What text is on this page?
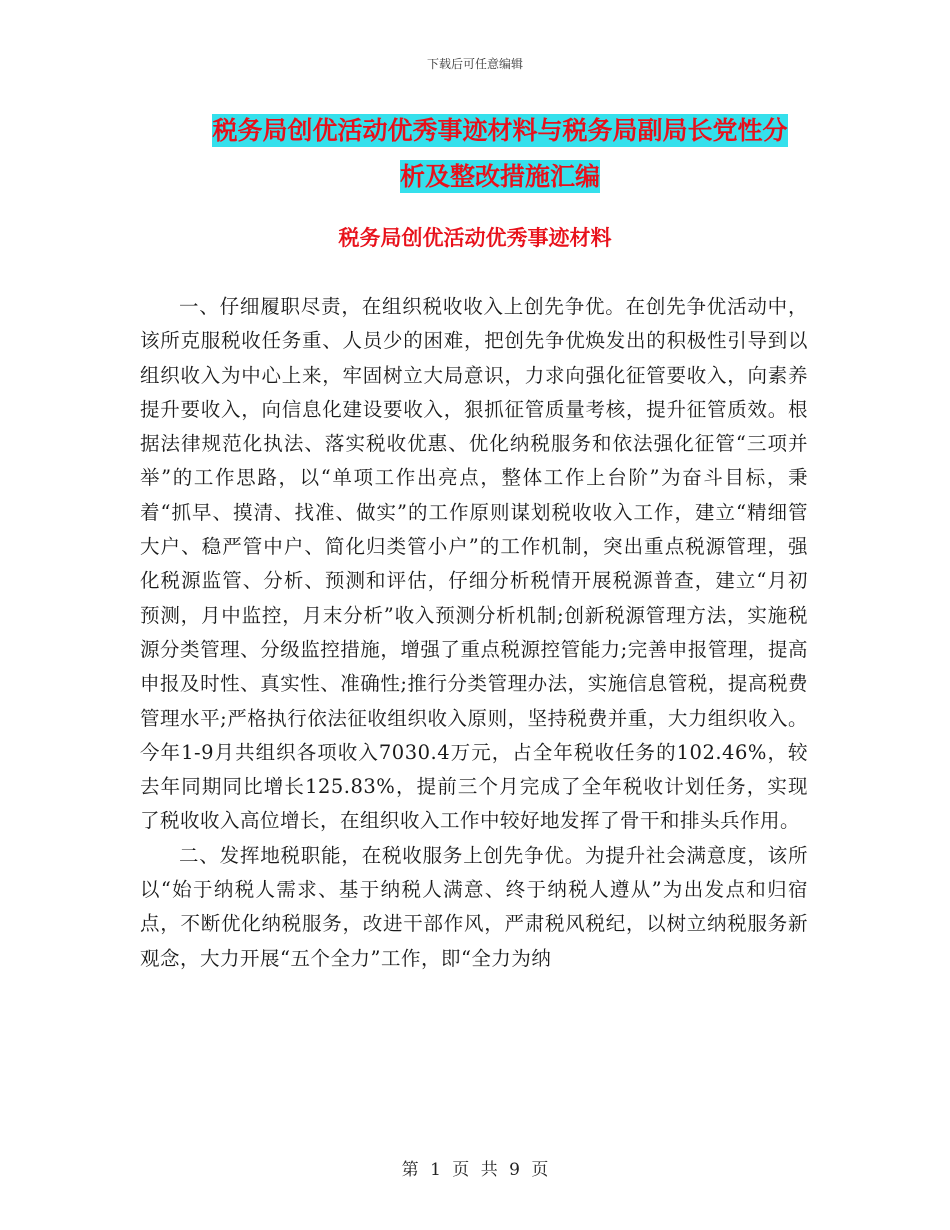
下载后可任意编辑
税务局创优活动优秀事迹材料与税务局副局长党性分
析及整改措施汇编
税务局创优活动优秀事迹材料

一、仔细履职尽责，在组织税收收入上创先争优。在创先争优活动中，该所克服税收任务重、人员少的困难，把创先争优焕发出的积极性引导到以组织收入为中心上来，牢固树立大局意识，力求向强化征管要收入，向素养提升要收入，向信息化建设要收入，狠抓征管质量考核，提升征管质效。根据法律规范化执法、落实税收优惠、优化纳税服务和依法强化征管“三项并举”的工作思路，以“单项工作出亮点，整体工作上台阶”为奋斗目标，秉着“抓早、摸清、找准、做实”的工作原则谋划税收收入工作，建立“精细管大户、稳严管中户、简化归类管小户”的工作机制，突出重点税源管理，强化税源监管、分析、预测和评估，仔细分析税情开展税源普查，建立“月初预测，月中监控，月末分析”收入预测分析机制;创新税源管理方法，实施税源分类管理、分级监控措施，增强了重点税源控管能力;完善申报管理，提高申报及时性、真实性、准确性;推行分类管理办法，实施信息管税，提高税费管理水平;严格执行依法征收组织收入原则，坚持税费并重，大力组织收入。今年1-9月共组织各项收入7030.4万元，占全年税收任务的102.46%，较去年同期同比增长125.83%，提前三个月完成了全年税收计划任务，实现了税收收入高位增长，在组织收入工作中较好地发挥了骨干和排头兵作用。

二、发挥地税职能，在税收服务上创先争优。为提升社会满意度，该所以“始于纳税人需求、基于纳税人满意、终于纳税人遵从”为出发点和归宿点，不断优化纳税服务，改进干部作风，严肃税风税纪，以树立纳税服务新观念，大力开展“五个全力”工作，即“全力为纳

第 1 页 共 9 页
